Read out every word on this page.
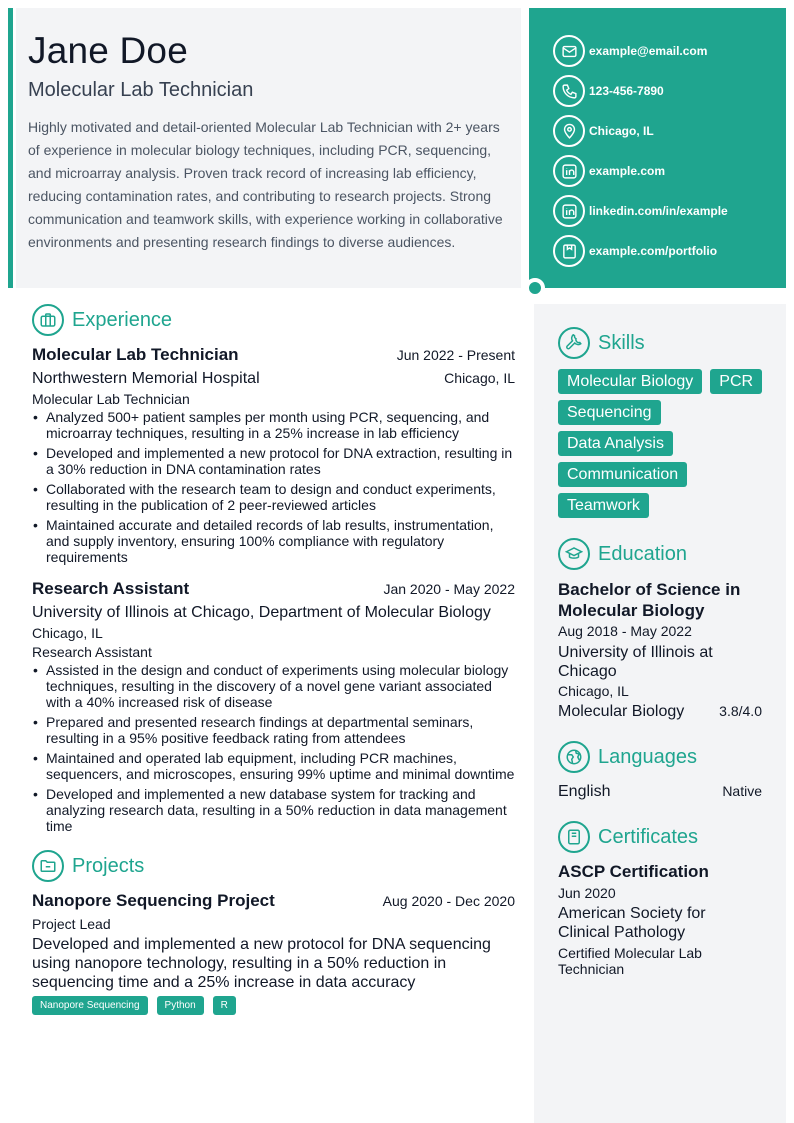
Jane Doe
Molecular Lab Technician
Highly motivated and detail-oriented Molecular Lab Technician with 2+ years of experience in molecular biology techniques, including PCR, sequencing, and microarray analysis. Proven track record of increasing lab efficiency, reducing contamination rates, and contributing to research projects. Strong communication and teamwork skills, with experience working in collaborative environments and presenting research findings to diverse audiences.
example@email.com
123-456-7890
Chicago, IL
example.com
linkedin.com/in/example
example.com/portfolio
Skills
Molecular Biology	PCR
Sequencing
Data Analysis
Communication
Teamwork
Education
Bachelor of Science in Molecular Biology
Aug 2018 - May 2022
University of Illinois at Chicago
Chicago, IL
Molecular Biology 3.8/4.0
Languages
English	Native
Certificates
ASCP Certification
Jun 2020
American Society for Clinical Pathology
Certified Molecular Lab Technician
Experience
Molecular Lab Technician	Jun 2022 - Present
Northwestern Memorial Hospital	Chicago, IL
Molecular Lab Technician
• Analyzed 500+ patient samples per month using PCR, sequencing, and microarray techniques, resulting in a 25% increase in lab efficiency
• Developed and implemented a new protocol for DNA extraction, resulting in a 30% reduction in DNA contamination rates
• Collaborated with the research team to design and conduct experiments, resulting in the publication of 2 peer-reviewed articles
• Maintained accurate and detailed records of lab results, instrumentation, and supply inventory, ensuring 100% compliance with regulatory requirements
Research Assistant	Jan 2020 - May 2022
University of Illinois at Chicago, Department of Molecular Biology
Chicago, IL
Research Assistant
• Assisted in the design and conduct of experiments using molecular biology techniques, resulting in the discovery of a novel gene variant associated with a 40% increased risk of disease
• Prepared and presented research findings at departmental seminars, resulting in a 95% positive feedback rating from attendees
• Maintained and operated lab equipment, including PCR machines, sequencers, and microscopes, ensuring 99% uptime and minimal downtime
• Developed and implemented a new database system for tracking and analyzing research data, resulting in a 50% reduction in data management time
Projects
Nanopore Sequencing Project	Aug 2020 - Dec 2020
Project Lead
Developed and implemented a new protocol for DNA sequencing using nanopore technology, resulting in a 50% reduction in sequencing time and a 25% increase in data accuracy
Nanopore Sequencing	Python	R
